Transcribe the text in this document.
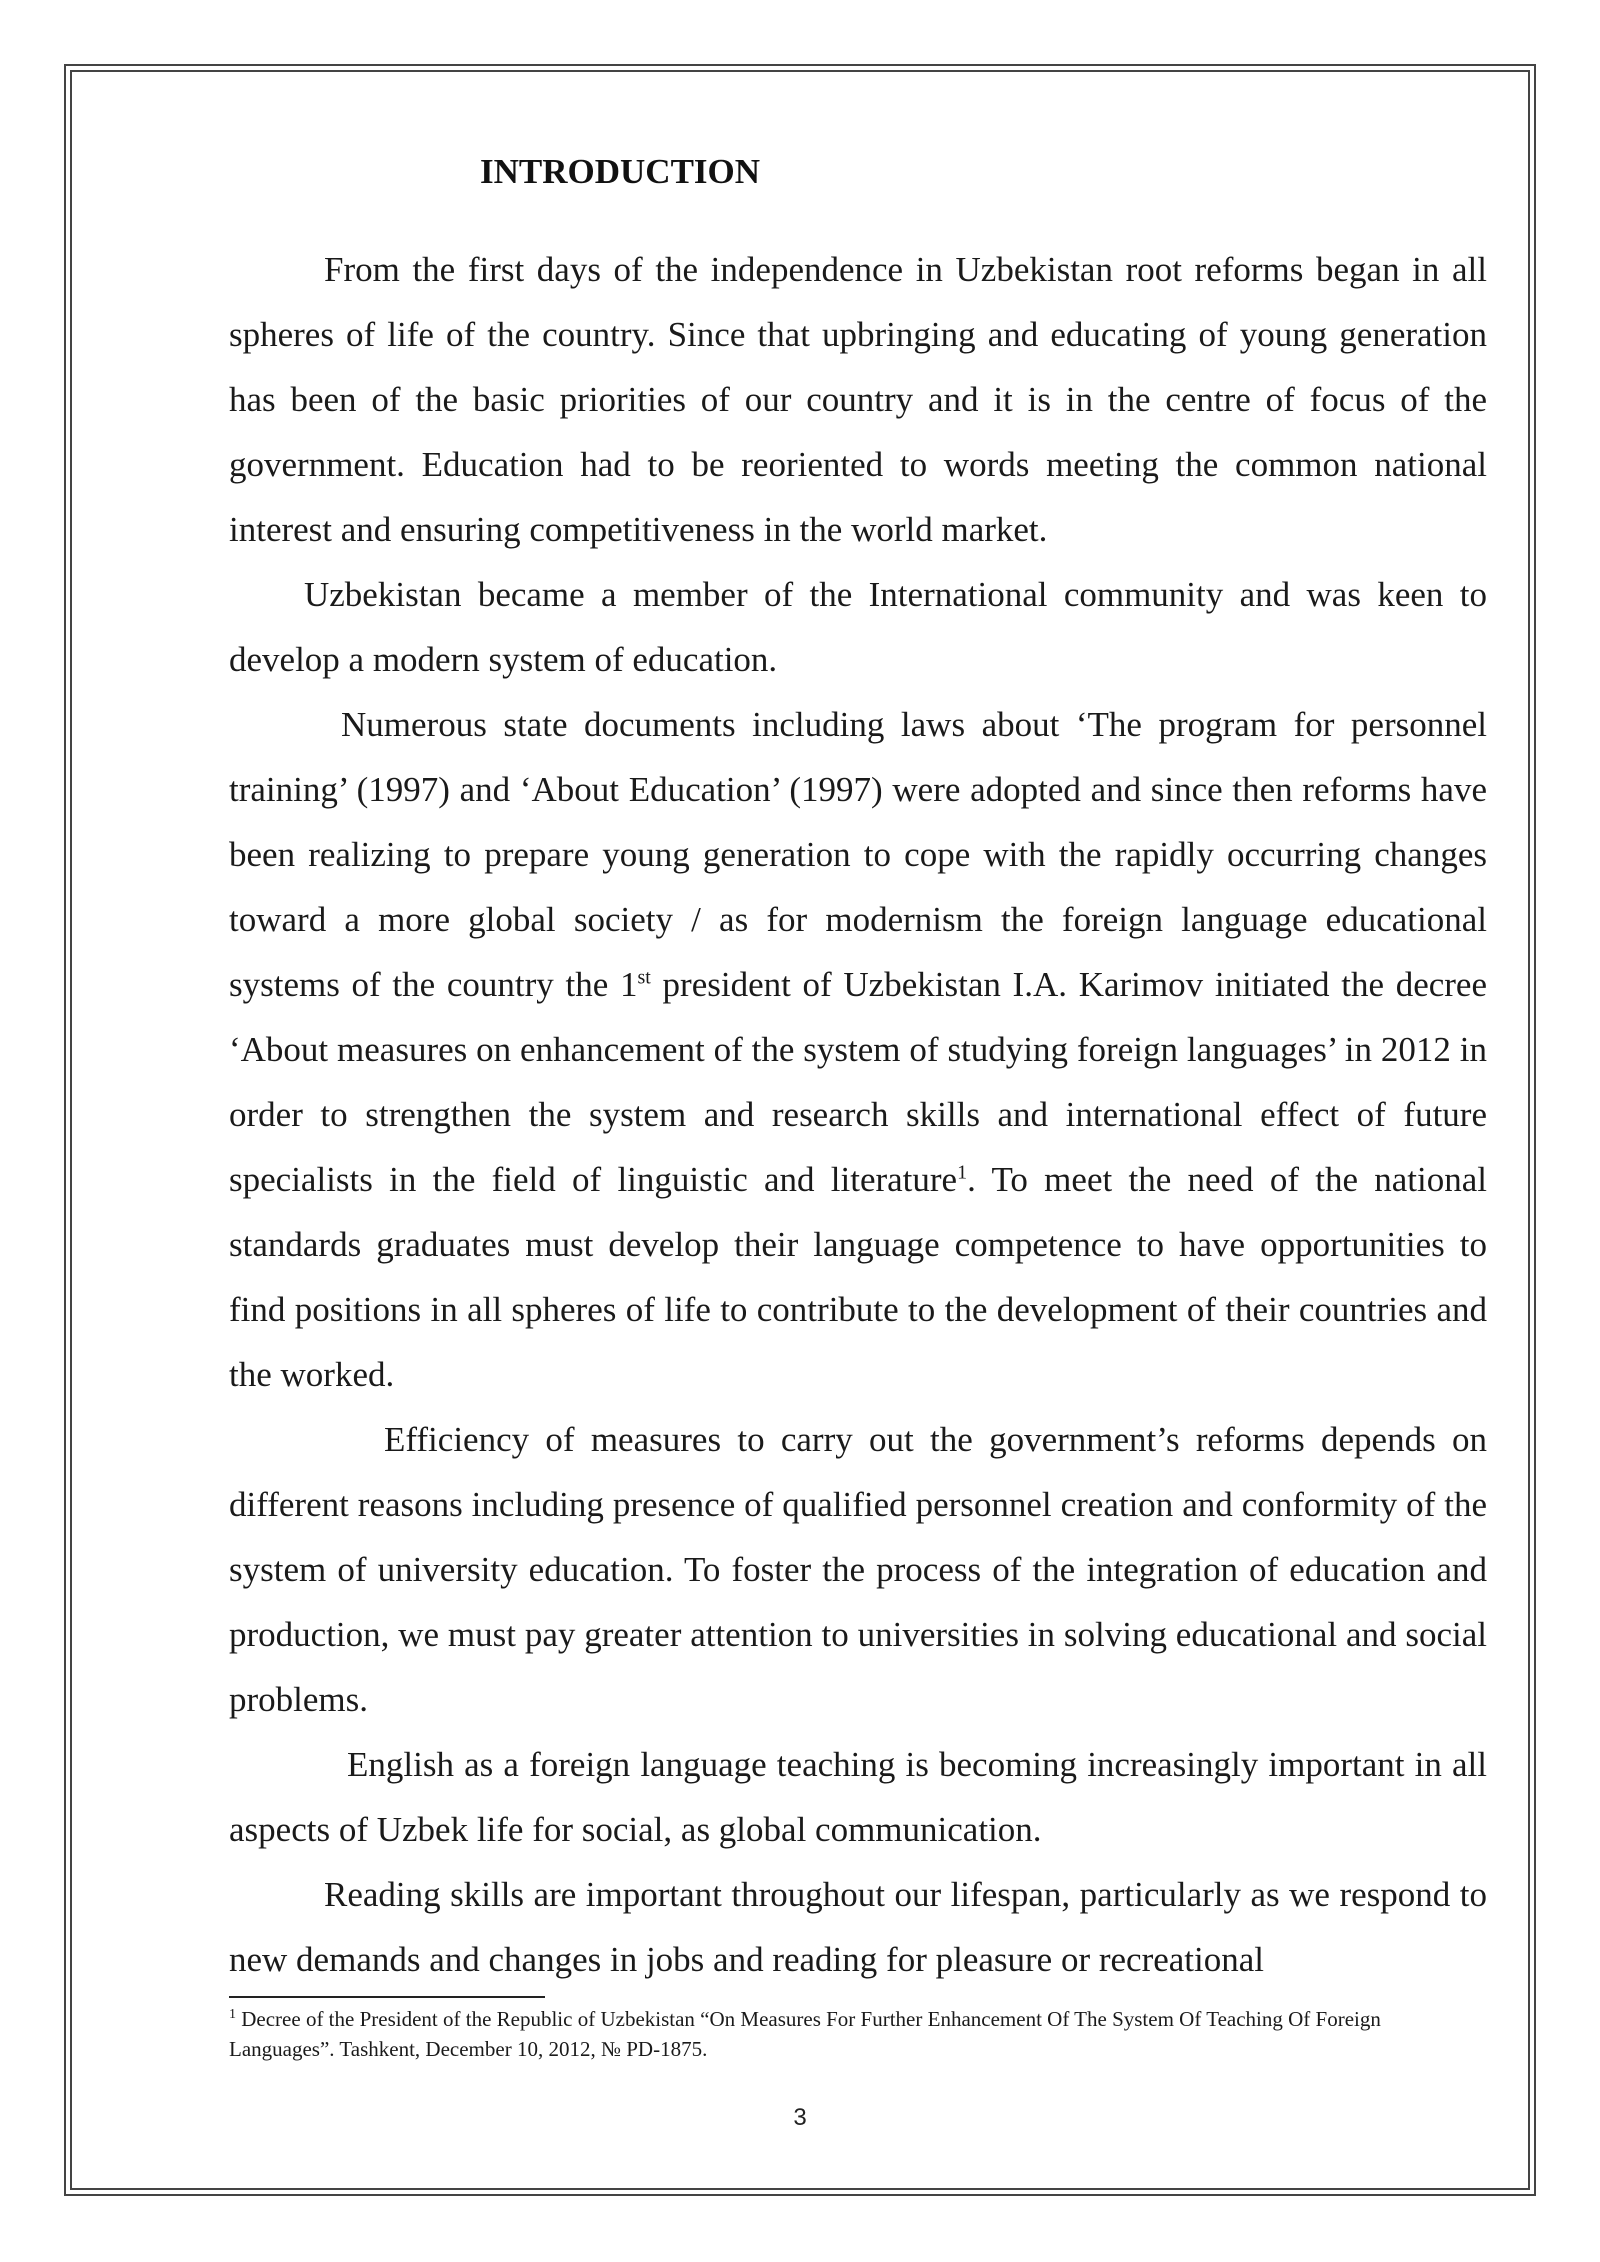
INTRODUCTION

From the first days of the independence in Uzbekistan root reforms began in all spheres of life of the country. Since that upbringing and educating of young generation has been of the basic priorities of our country and it is in the centre of focus of the government. Education had to be reoriented to words meeting the common national interest and ensuring competitiveness in the world market.

Uzbekistan became a member of the International community and was keen to develop a modern system of education.

Numerous state documents including laws about ‘The program for personnel training’ (1997) and ‘About Education’ (1997) were adopted and since then reforms have been realizing to prepare young generation to cope with the rapidly occurring changes toward a more global society / as for modernism the foreign language educational systems of the country the 1st president of Uzbekistan I.A. Karimov initiated the decree ‘About measures on enhancement of the system of studying foreign languages’ in 2012 in order to strengthen the system and research skills and international effect of future specialists in the field of linguistic and literature$^1$. To meet the need of the national standards graduates must develop their language competence to have opportunities to find positions in all spheres of life to contribute to the development of their countries and the worked.

Efficiency of measures to carry out the government’s reforms depends on different reasons including presence of qualified personnel creation and conformity of the system of university education. To foster the process of the integration of education and production, we must pay greater attention to universities in solving educational and social problems.

English as a foreign language teaching is becoming increasingly important in all aspects of Uzbek life for social, as global communication.

Reading skills are important throughout our lifespan, particularly as we respond to new demands and changes in jobs and reading for pleasure or recreational

$^1$ Decree of the President of the Republic of Uzbekistan “On Measures For Further Enhancement Of The System Of Teaching Of Foreign Languages”. Tashkent, December 10, 2012, № PD-1875.

3
